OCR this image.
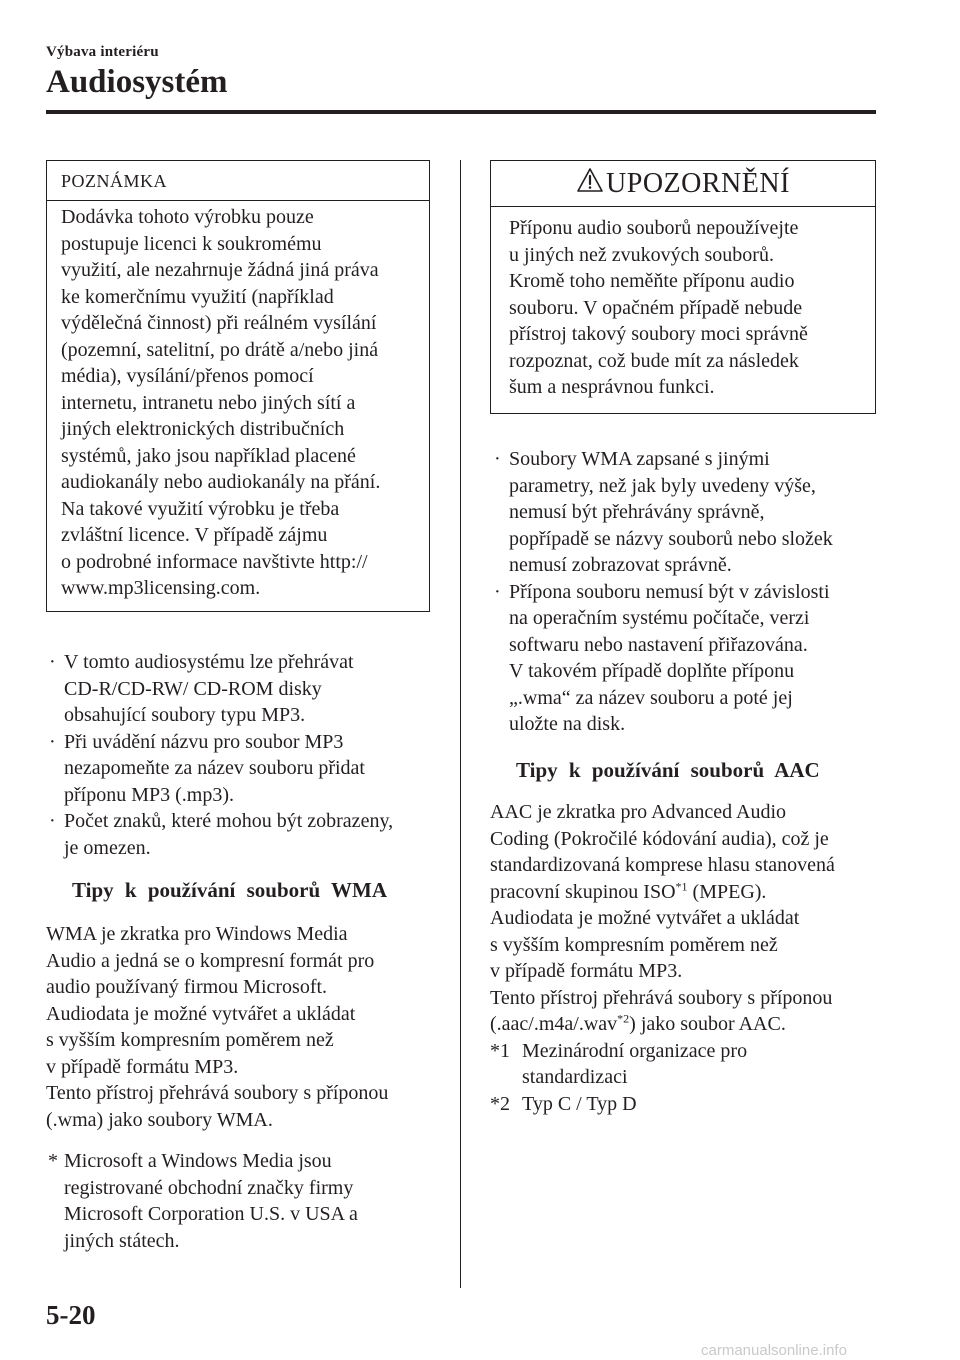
Výbava interiéru
Audiosystém
POZNÁMKA
Dodávka tohoto výrobku pouze
postupuje licenci k soukromému
využití, ale nezahrnuje žádná jiná práva
ke komerčnímu využití (například
výdělečná činnost) při reálném vysílání
(pozemní, satelitní, po drátě a/nebo jiná
média), vysílání/přenos pomocí
internetu, intranetu nebo jiných sítí a
jiných elektronických distribučních
systémů, jako jsou například placené
audiokanály nebo audiokanály na přání.
Na takové využití výrobku je třeba
zvláštní licence. V případě zájmu
o podrobné informace navštivte http://
www.mp3licensing.com.
· V tomto audiosystému lze přehrávat
CD-R/CD-RW/ CD-ROM disky
obsahující soubory typu MP3.
· Při uvádění názvu pro soubor MP3
nezapomeňte za název souboru přidat
příponu MP3 (.mp3).
· Počet znaků, které mohou být zobrazeny,
je omezen.
Tipy k používání souborů WMA
WMA je zkratka pro Windows Media
Audio a jedná se o kompresní formát pro
audio používaný firmou Microsoft.
Audiodata je možné vytvářet a ukládat
s vyšším kompresním poměrem než
v případě formátu MP3.
Tento přístroj přehrává soubory s příponou
(.wma) jako soubory WMA.
* Microsoft a Windows Media jsou
registrované obchodní značky firmy
Microsoft Corporation U.S. v USA a
jiných státech.
UPOZORNĚNÍ
Příponu audio souborů nepoužívejte
u jiných než zvukových souborů.
Kromě toho neměňte příponu audio
souboru. V opačném případě nebude
přístroj takový soubory moci správně
rozpoznat, což bude mít za následek
šum a nesprávnou funkci.
· Soubory WMA zapsané s jinými
parametry, než jak byly uvedeny výše,
nemusí být přehrávány správně,
popřípadě se názvy souborů nebo složek
nemusí zobrazovat správně.
· Přípona souboru nemusí být v závislosti
na operačním systému počítače, verzi
softwaru nebo nastavení přiřazována.
V takovém případě doplňte příponu
„.wma“ za název souboru a poté jej
uložte na disk.
Tipy k používání souborů AAC
AAC je zkratka pro Advanced Audio
Coding (Pokročilé kódování audia), což je
standardizovaná komprese hlasu stanovená
pracovní skupinou ISO$^{*1}$ (MPEG).
Audiodata je možné vytvářet a ukládat
s vyšším kompresním poměrem než
v případě formátu MP3.
Tento přístroj přehrává soubory s příponou
(.aac/.m4a/.wav$^{*2}$) jako soubor AAC.
*1 Mezinárodní organizace pro
standardizaci
*2 Typ C / Typ D
5-20
carmanualsonline.info
